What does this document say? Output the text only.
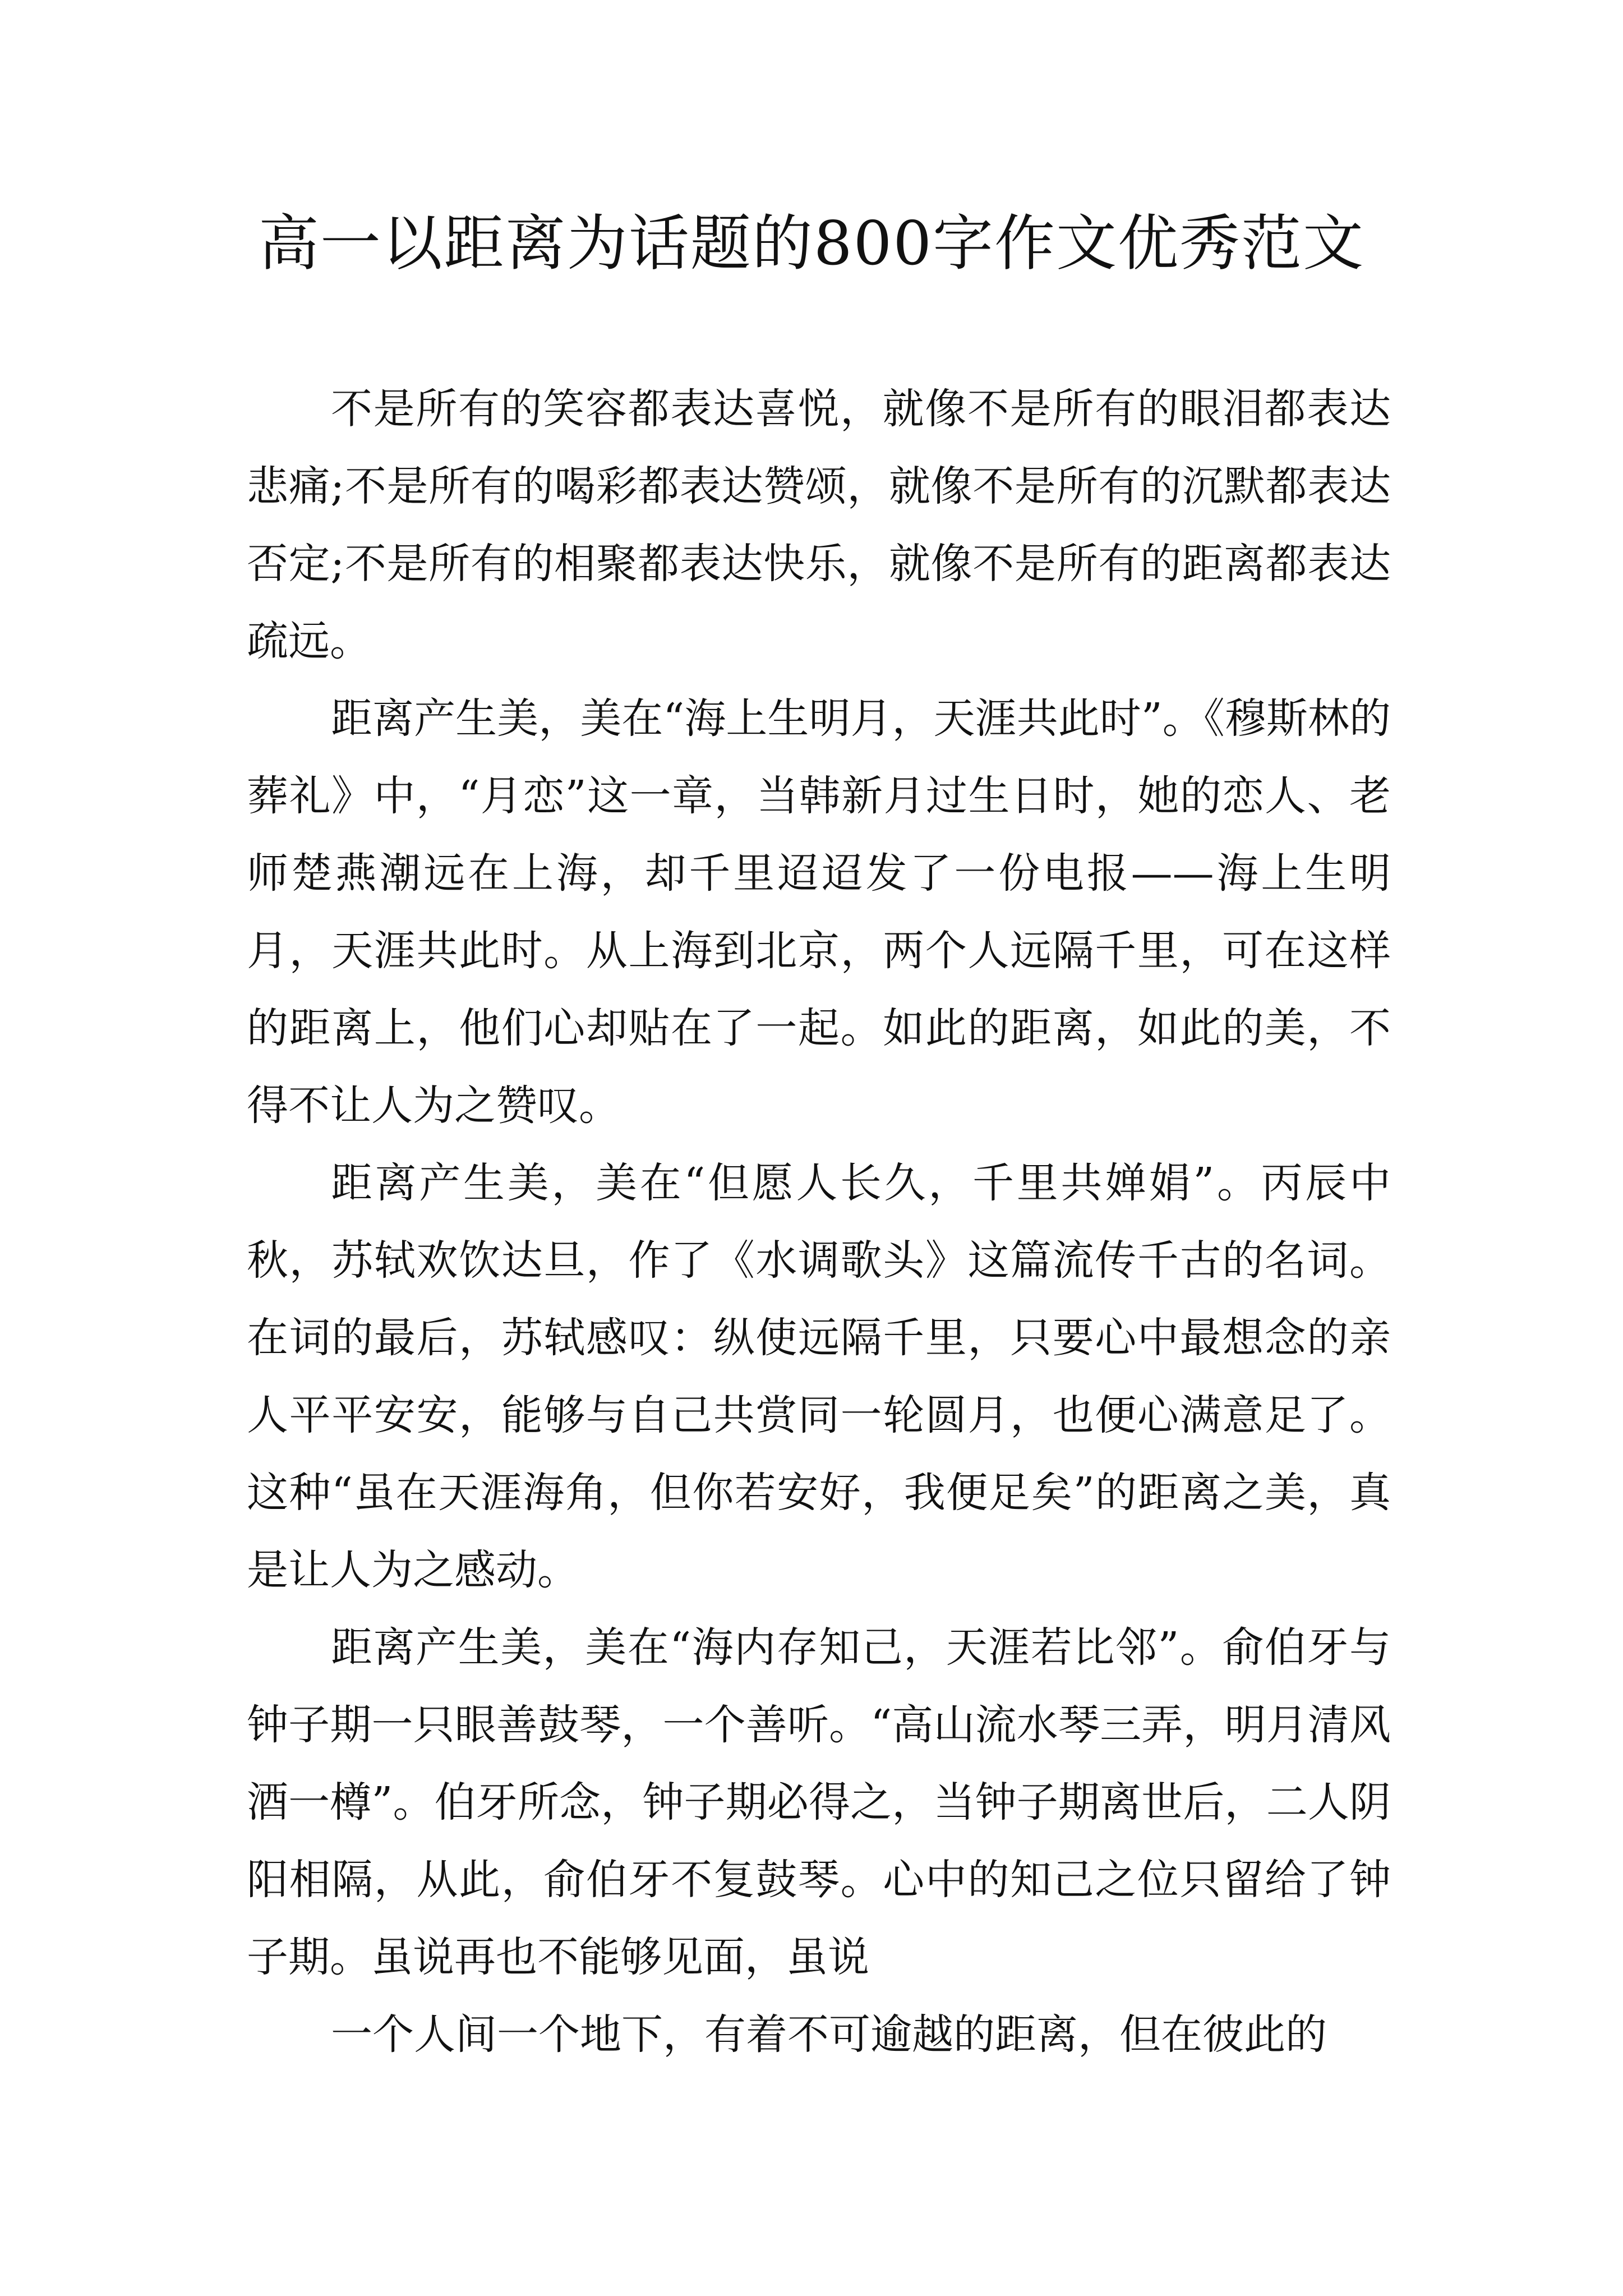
高一以距离为话题的800字作文优秀范文

不是所有的笑容都表达喜悦，就像不是所有的眼泪都表达悲痛;不是所有的喝彩都表达赞颂，就像不是所有的沉默都表达否定;不是所有的相聚都表达快乐，就像不是所有的距离都表达疏远。

距离产生美，美在“海上生明月，天涯共此时”。《穆斯林的葬礼》中，“月恋”这一章，当韩新月过生日时，她的恋人、老师楚燕潮远在上海，却千里迢迢发了一份电报——海上生明月，天涯共此时。从上海到北京，两个人远隔千里，可在这样的距离上，他们心却贴在了一起。如此的距离，如此的美，不得不让人为之赞叹。

距离产生美，美在“但愿人长久，千里共婵娟”。丙辰中秋，苏轼欢饮达旦，作了《水调歌头》这篇流传千古的名词。在词的最后，苏轼感叹：纵使远隔千里，只要心中最想念的亲人平平安安，能够与自己共赏同一轮圆月，也便心满意足了。这种“虽在天涯海角，但你若安好，我便足矣”的距离之美，真是让人为之感动。

距离产生美，美在“海内存知己，天涯若比邻”。俞伯牙与钟子期一只眼善鼓琴，一个善听。“高山流水琴三弄，明月清风酒一樽”。伯牙所念，钟子期必得之，当钟子期离世后，二人阴阳相隔，从此，俞伯牙不复鼓琴。心中的知己之位只留给了钟子期。虽说再也不能够见面，虽说

一个人间一个地下，有着不可逾越的距离，但在彼此的
